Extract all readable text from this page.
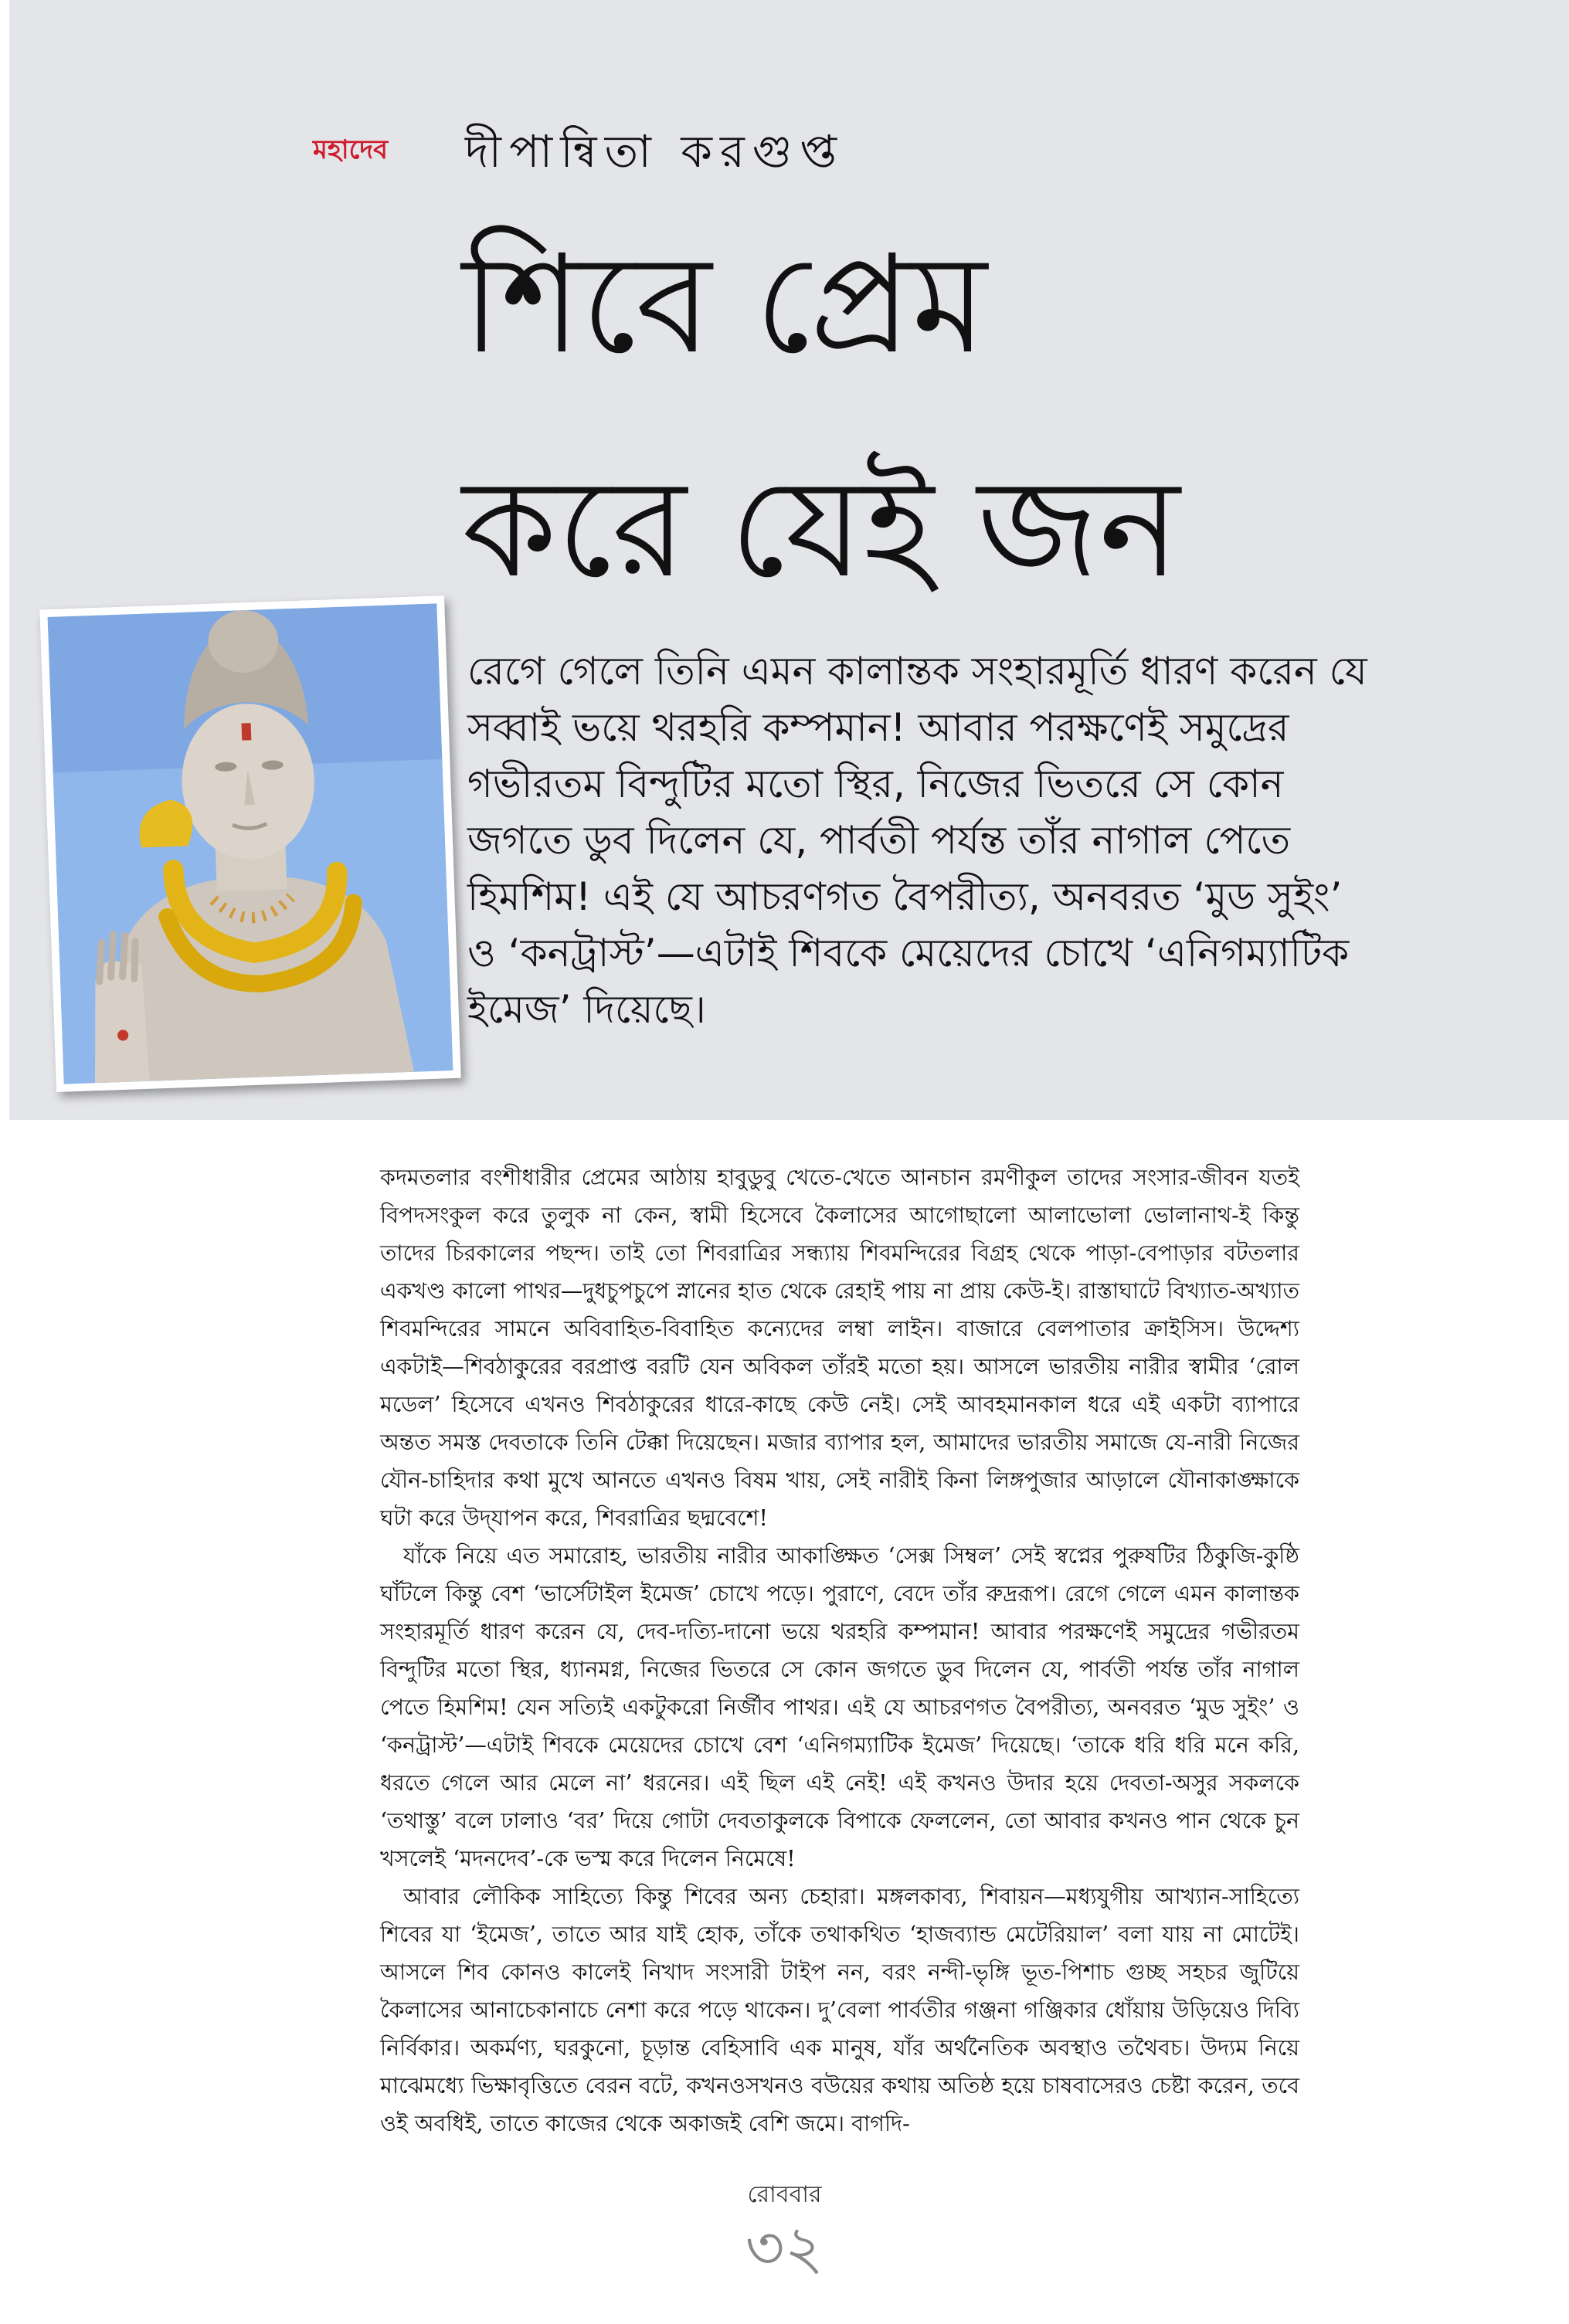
মহাদেব দীপান্বিতা করগুপ্ত
শিবে প্রেম
করে যেই জন

রেগে গেলে তিনি এমন কালান্তক সংহারমূর্তি ধারণ করেন যে সব্বাই ভয়ে থরহরি কম্পমান! আবার পরক্ষণেই সমুদ্রের গভীরতম বিন্দুটির মতো স্থির, নিজের ভিতরে সে কোন জগতে ডুব দিলেন যে, পার্বতী পর্যন্ত তাঁর নাগাল পেতে হিমশিম! এই যে আচরণগত বৈপরীত্য, অনবরত ‘মুড সুইং’ ও ‘কনট্রাস্ট’—এটাই শিবকে মেয়েদের চোখে ‘এনিগম্যাটিক ইমেজ’ দিয়েছে।

কদমতলার বংশীধারীর প্রেমের আঠায় হাবুডুবু খেতে-খেতে আনচান রমণীকুল তাদের সংসার-জীবন যতই বিপদসংকুল করে তুলুক না কেন, স্বামী হিসেবে কৈলাসের আগোছালো আলাভোলা ভোলানাথ-ই কিন্তু তাদের চিরকালের পছন্দ। তাই তো শিবরাত্রির সন্ধ্যায় শিবমন্দিরের বিগ্রহ থেকে পাড়া-বেপাড়ার বটতলার একখণ্ড কালো পাথর—দুধচুপচুপে স্নানের হাত থেকে রেহাই পায় না প্রায় কেউ-ই। রাস্তাঘাটে বিখ্যাত-অখ্যাত শিবমন্দিরের সামনে অবিবাহিত-বিবাহিত কন্যেদের লম্বা লাইন। বাজারে বেলপাতার ক্রাইসিস। উদ্দেশ্য একটাই—শিবঠাকুরের বরপ্রাপ্ত বরটি যেন অবিকল তাঁরই মতো হয়। আসলে ভারতীয় নারীর স্বামীর ‘রোল মডেল’ হিসেবে এখনও শিবঠাকুরের ধারে-কাছে কেউ নেই। সেই আবহমানকাল ধরে এই একটা ব্যাপারে অন্তত সমস্ত দেবতাকে তিনি টেক্কা দিয়েছেন। মজার ব্যাপার হল, আমাদের ভারতীয় সমাজে যে-নারী নিজের যৌন-চাহিদার কথা মুখে আনতে এখনও বিষম খায়, সেই নারীই কিনা লিঙ্গপুজার আড়ালে যৌনাকাঙ্ক্ষাকে ঘটা করে উদ্‌যাপন করে, শিবরাত্রির ছদ্মবেশে!

যাঁকে নিয়ে এত সমারোহ, ভারতীয় নারীর আকাঙ্ক্ষিত ‘সেক্স সিম্বল’ সেই স্বপ্নের পুরুষটির ঠিকুজি-কুষ্ঠি ঘাঁটলে কিন্তু বেশ ‘ভার্সেটাইল ইমেজ’ চোখে পড়ে। পুরাণে, বেদে তাঁর রুদ্ররূপ। রেগে গেলে এমন কালান্তক সংহারমূর্তি ধারণ করেন যে, দেব-দত্যি-দানো ভয়ে থরহরি কম্পমান! আবার পরক্ষণেই সমুদ্রের গভীরতম বিন্দুটির মতো স্থির, ধ্যানমগ্ন, নিজের ভিতরে সে কোন জগতে ডুব দিলেন যে, পার্বতী পর্যন্ত তাঁর নাগাল পেতে হিমশিম! যেন সত্যিই একটুকরো নির্জীব পাথর। এই যে আচরণগত বৈপরীত্য, অনবরত ‘মুড সুইং’ ও ‘কনট্রাস্ট’—এটাই শিবকে মেয়েদের চোখে বেশ ‘এনিগম্যাটিক ইমেজ’ দিয়েছে। ‘তাকে ধরি ধরি মনে করি, ধরতে গেলে আর মেলে না’ ধরনের। এই ছিল এই নেই! এই কখনও উদার হয়ে দেবতা-অসুর সকলকে ‘তথাস্তু’ বলে ঢালাও ‘বর’ দিয়ে গোটা দেবতাকুলকে বিপাকে ফেললেন, তো আবার কখনও পান থেকে চুন খসলেই ‘মদনদেব’-কে ভস্ম করে দিলেন নিমেষে!

আবার লৌকিক সাহিত্যে কিন্তু শিবের অন্য চেহারা। মঙ্গলকাব্য, শিবায়ন—মধ্যযুগীয় আখ্যান-সাহিত্যে শিবের যা ‘ইমেজ’, তাতে আর যাই হোক, তাঁকে তথাকথিত ‘হাজব্যান্ড মেটেরিয়াল’ বলা যায় না মোটেই। আসলে শিব কোনও কালেই নিখাদ সংসারী টাইপ নন, বরং নন্দী-ভৃঙ্গি ভূত-পিশাচ গুচ্ছ সহচর জুটিয়ে কৈলাসের আনাচেকানাচে নেশা করে পড়ে থাকেন। দু’বেলা পার্বতীর গঞ্জনা গঞ্জিকার ধোঁয়ায় উড়িয়েও দিব্যি নির্বিকার। অকর্মণ্য, ঘরকুনো, চূড়ান্ত বেহিসাবি এক মানুষ, যাঁর অর্থনৈতিক অবস্থাও তথৈবচ। উদ্যম নিয়ে মাঝেমধ্যে ভিক্ষাবৃত্তিতে বেরন বটে, কখনওসখনও বউয়ের কথায় অতিষ্ঠ হয়ে চাষবাসেরও চেষ্টা করেন, তবে ওই অবধিই, তাতে কাজের থেকে অকাজই বেশি জমে। বাগদি-

রোববার
৩২
